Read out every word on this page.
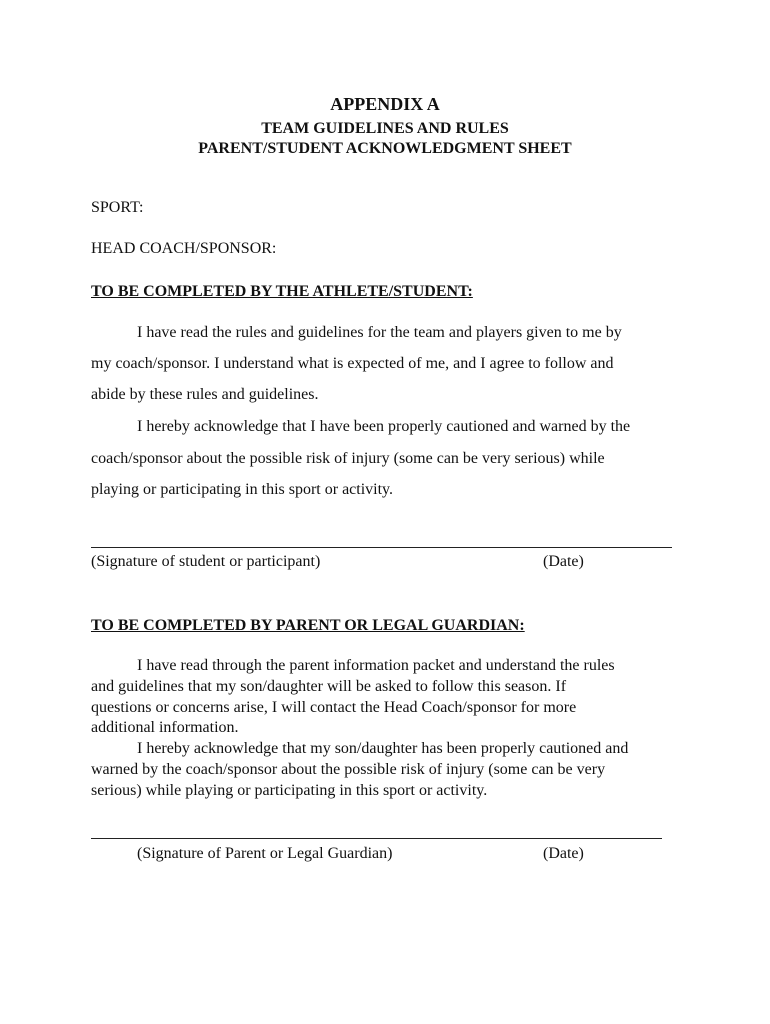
APPENDIX A
TEAM GUIDELINES AND RULES
PARENT/STUDENT ACKNOWLEDGMENT SHEET
SPORT:
HEAD COACH/SPONSOR:
TO BE COMPLETED BY THE ATHLETE/STUDENT:
I have read the rules and guidelines for the team and players given to me by
my coach/sponsor. I understand what is expected of me, and I agree to follow and
abide by these rules and guidelines.
I hereby acknowledge that I have been properly cautioned and warned by the
coach/sponsor about the possible risk of injury (some can be very serious) while
playing or participating in this sport or activity.
(Signature of student or participant)	(Date)
TO BE COMPLETED BY PARENT OR LEGAL GUARDIAN:
I have read through the parent information packet and understand the rules
and guidelines that my son/daughter will be asked to follow this season. If
questions or concerns arise, I will contact the Head Coach/sponsor for more
additional information.
I hereby acknowledge that my son/daughter has been properly cautioned and
warned by the coach/sponsor about the possible risk of injury (some can be very
serious) while playing or participating in this sport or activity.
(Signature of Parent or Legal Guardian)	(Date)
